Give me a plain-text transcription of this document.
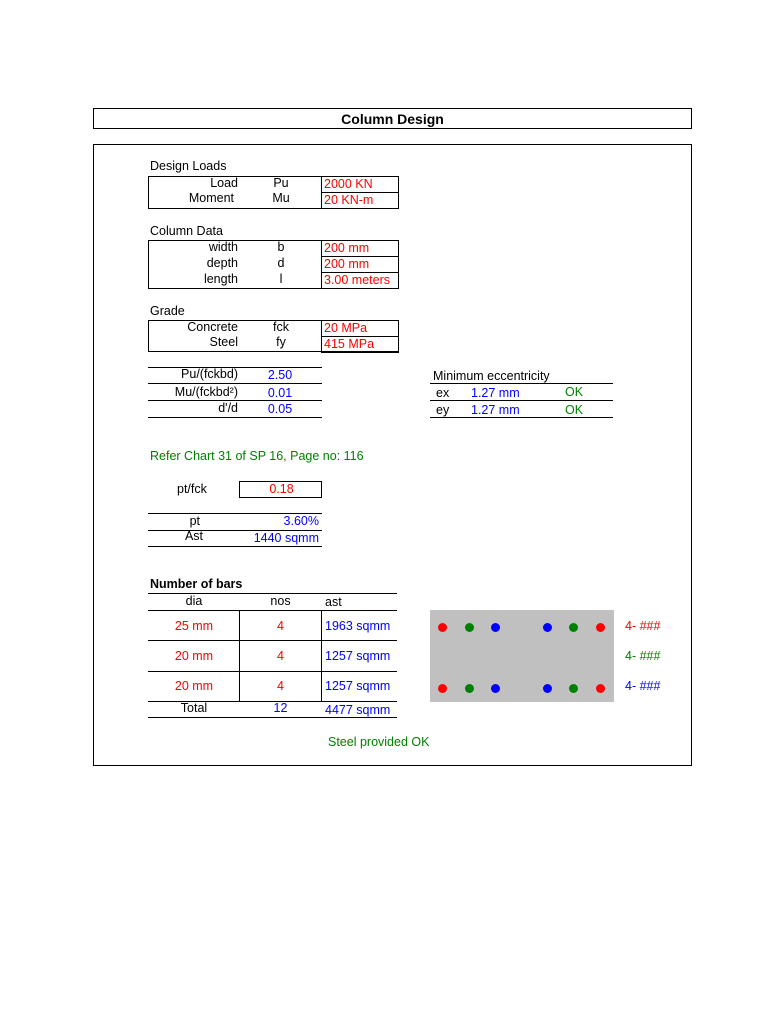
Column Design
Design Loads
Load	Pu	2000 KN
Moment	Mu	20 KN-m
Column Data
width	b	200 mm
depth	d	200 mm
length	l	3.00 meters
Grade
Concrete	fck	20 MPa
Steel	fy	415 MPa
Pu/(fckbd)	2.50
Mu/(fckbd²)	0.01
d'/d	0.05
Minimum eccentricity
ex 1.27 mm	OK
ey 1.27 mm	OK
Refer Chart 31 of SP 16, Page no: 116
pt/fck	0.18
pt	3.60%
Ast	1440 sqmm
Number of bars
dia	nos	ast
25 mm	4	1963 sqmm
20 mm	4	1257 sqmm
20 mm	4	1257 sqmm
Total	12	4477 sqmm
4- ###
4- ###
4- ###
Steel provided OK
